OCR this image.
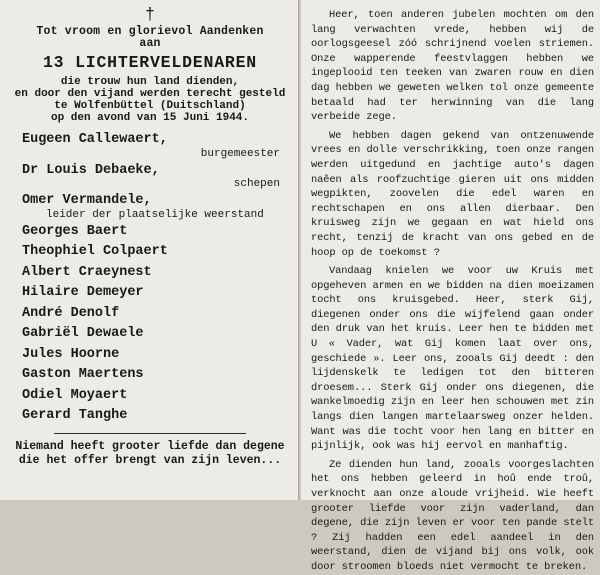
†
Tot vroom en glorievol Aandenken
aan
13 LICHTERVELDENAREN
die trouw hun land dienden,
en door den vijand werden terecht gesteld
te Wolfenbüttel (Duitschland)
op den avond van 15 Juni 1944.
Eugeen Callewaert,
burgemeester
Dr Louis Debaeke,
schepen
Omer Vermandele,
leider der plaatselijke weerstand
Georges Baert
Theophiel Colpaert
Albert Craeynest
Hilaire Demeyer
André Denolf
Gabriël Dewaele
Jules Hoorne
Gaston Maertens
Odiel Moyaert
Gerard Tanghe
Niemand heeft grooter liefde dan degene
die het offer brengt van zijn leven...

Heer, toen anderen jubelen mochten om den lang verwachten vrede, hebben wij de oorlogsgeesel zóó schrijnend voelen striemen. Onze wapperende feestvlaggen hebben we ingeplooid ten teeken van zwaren rouw en dien dag hebben we geweten welken tol onze gemeente betaald had ter herwinning van die lang verbeide zege.

We hebben dagen gekend van ontzenuwende vrees en dolle verschrikking, toen onze rangen werden uitgedund en jachtige auto's dagen naêen als roofzuchtige gieren uit ons midden wegpikten, zoovelen die edel waren en rechtschapen en ons allen dierbaar. Den kruisweg zijn we gegaan en wat hield ons recht, tenzij de kracht van ons gebed en de hoop op de toekomst ?

Vandaag knielen we voor uw Kruis met opgeheven armen en we bidden na dien moeizamen tocht ons kruisgebed. Heer, sterk Gij, diegenen onder ons die wijfelend gaan onder den druk van het kruis. Leer hen te bidden met U « Vader, wat Gij komen laat over ons, geschiede ». Leer ons, zooals Gij deedt : den lijdenskelk te ledigen tot den bitteren droesem... Sterk Gij onder ons diegenen, die wankelmoedig zijn en leer hen schouwen met zin langs dien langen martelaarsweg onzer helden. Want was die tocht voor hen lang en bitter en pijnlijk, ook was hij eervol en manhaftig.

Ze dienden hun land, zooals voorgeslachten het ons hebben geleerd in hoû ende troû, verknocht aan onze aloude vrijheid. Wie heeft grooter liefde voor zijn vaderland, dan degene, die zijn leven er voor ten pande stelt ? Zij hadden een edel aandeel in den weerstand, dien de vijand bij ons volk, ook door stroomen bloeds niet vermocht te breken.
